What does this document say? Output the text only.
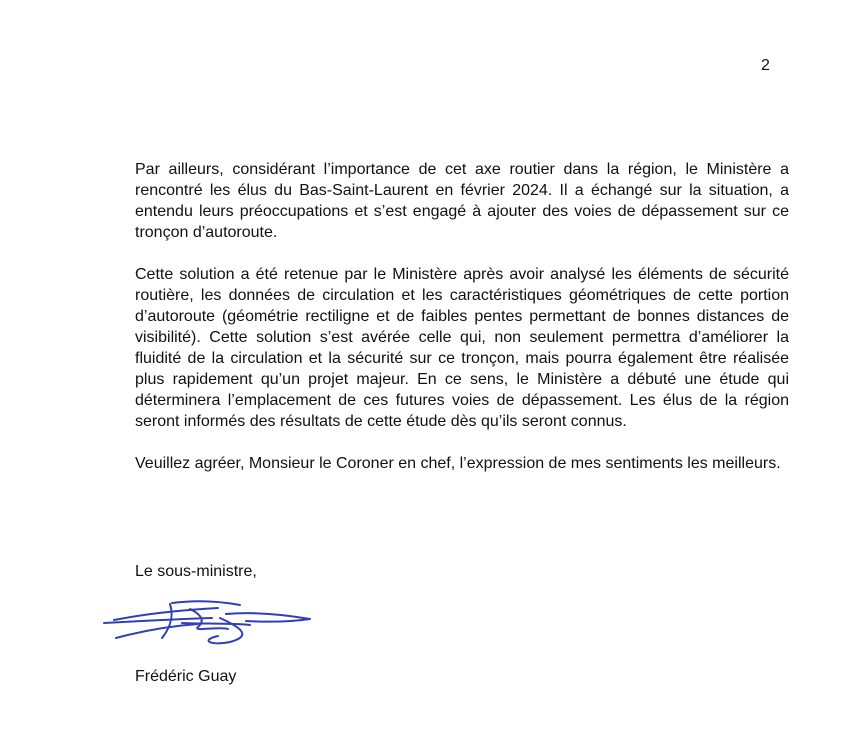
2

Par ailleurs, considérant l’importance de cet axe routier dans la région, le Ministère a rencontré les élus du Bas-Saint-Laurent en février 2024. Il a échangé sur la situation, a entendu leurs préoccupations et s’est engagé à ajouter des voies de dépassement sur ce tronçon d’autoroute.

Cette solution a été retenue par le Ministère après avoir analysé les éléments de sécurité routière, les données de circulation et les caractéristiques géométriques de cette portion d’autoroute (géométrie rectiligne et de faibles pentes permettant de bonnes distances de visibilité). Cette solution s’est avérée celle qui, non seulement permettra d’améliorer la fluidité de la circulation et la sécurité sur ce tronçon, mais pourra également être réalisée plus rapidement qu’un projet majeur. En ce sens, le Ministère a débuté une étude qui déterminera l’emplacement de ces futures voies de dépassement. Les élus de la région seront informés des résultats de cette étude dès qu’ils seront connus.

Veuillez agréer, Monsieur le Coroner en chef, l’expression de mes sentiments les meilleurs.

Le sous-ministre,
Frédéric Guay
